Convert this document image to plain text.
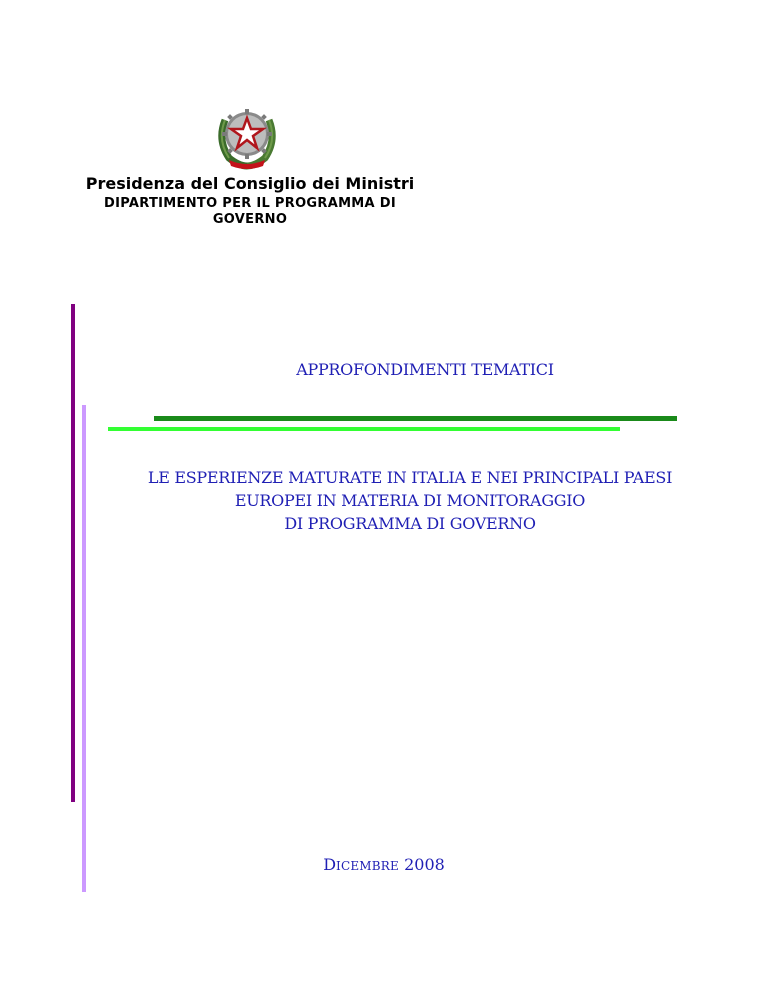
Presidenza del Consiglio dei Ministri
DIPARTIMENTO PER IL PROGRAMMA DI
GOVERNO
APPROFONDIMENTI TEMATICI
LE ESPERIENZE MATURATE IN ITALIA E NEI PRINCIPALI PAESI
EUROPEI IN MATERIA DI MONITORAGGIO
DI PROGRAMMA DI GOVERNO
DICEMBRE 2008
